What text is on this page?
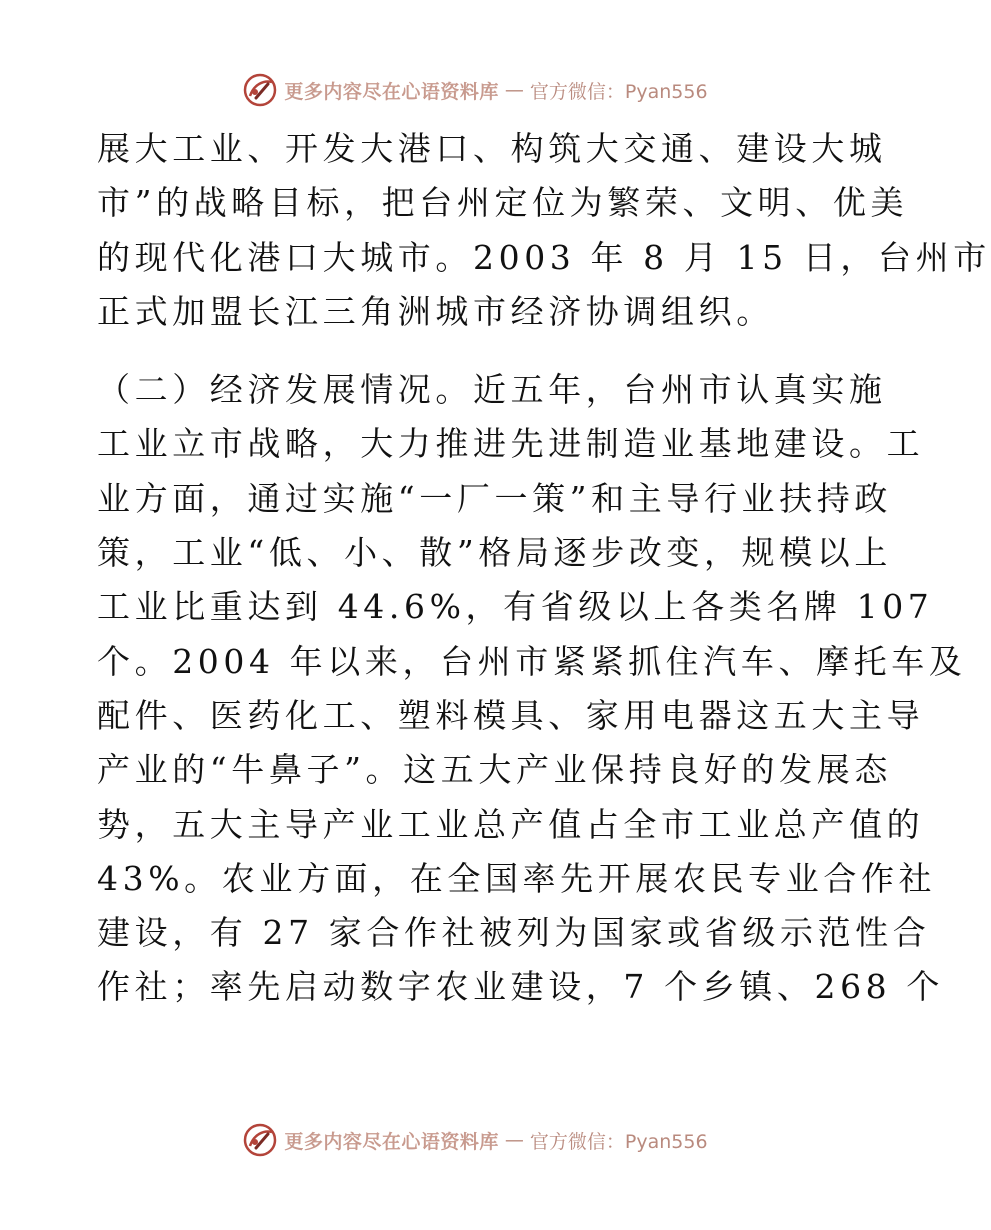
更多内容尽在心语资料库 — 官方微信：Pyan556
展大工业、开发大港口、构筑大交通、建设大城
市”的战略目标，把台州定位为繁荣、文明、优美
的现代化港口大城市。2003 年 8 月 15 日，台州市
正式加盟长江三角洲城市经济协调组织。
（二）经济发展情况。近五年，台州市认真实施
工业立市战略，大力推进先进制造业基地建设。工
业方面，通过实施“一厂一策”和主导行业扶持政
策，工业“低、小、散”格局逐步改变，规模以上
工业比重达到 44.6%，有省级以上各类名牌 107
个。2004 年以来，台州市紧紧抓住汽车、摩托车及
配件、医药化工、塑料模具、家用电器这五大主导
产业的“牛鼻子”。这五大产业保持良好的发展态
势，五大主导产业工业总产值占全市工业总产值的
43%。农业方面，在全国率先开展农民专业合作社
建设，有 27 家合作社被列为国家或省级示范性合
作社；率先启动数字农业建设，7 个乡镇、268 个
更多内容尽在心语资料库 — 官方微信：Pyan556
